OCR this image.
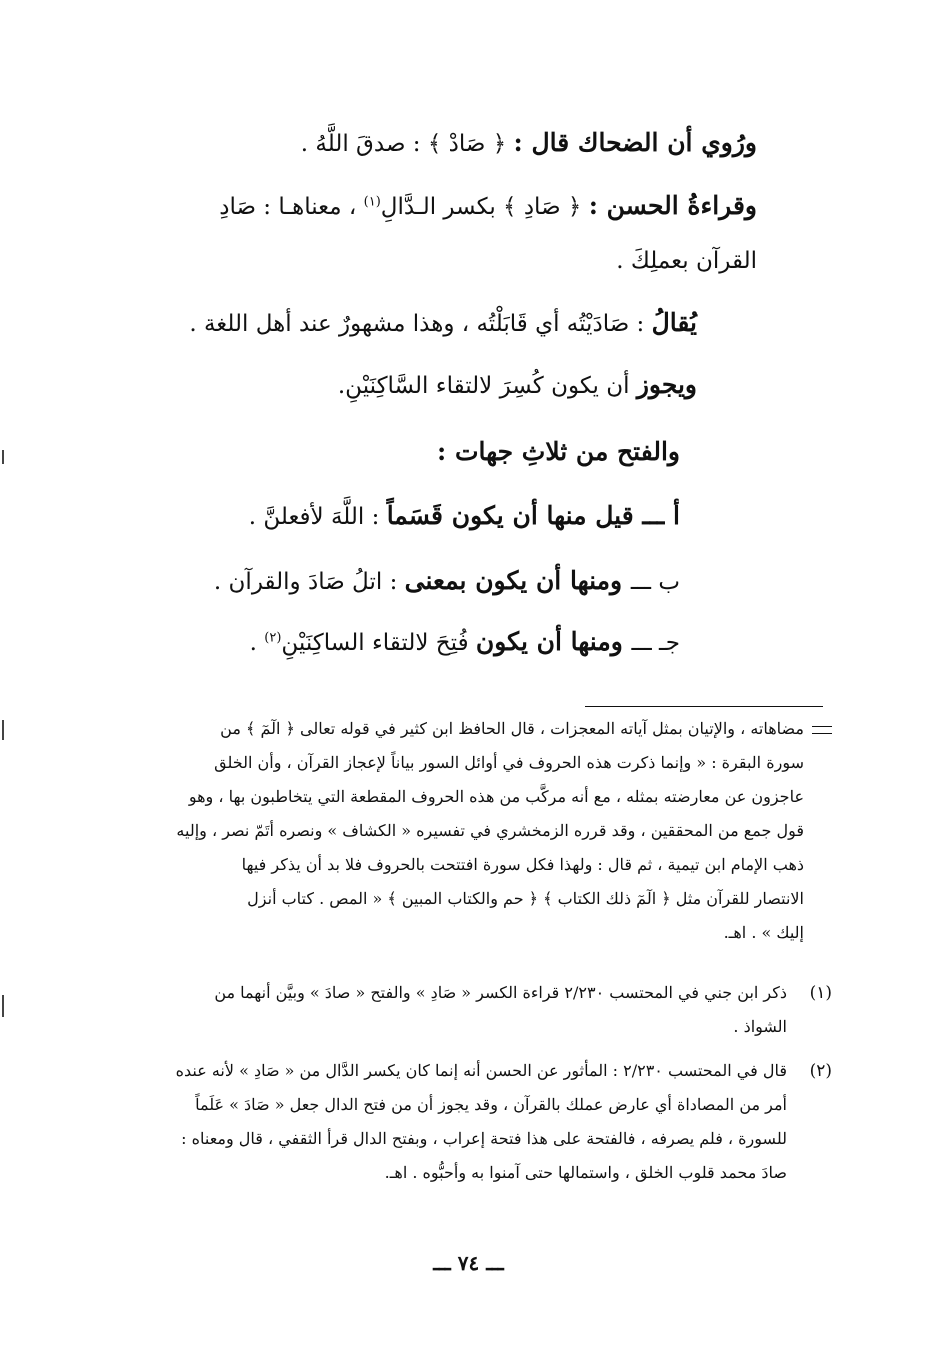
ورُوي أن الضحاك قال : ﴿ صَادْ ﴾ : صدقَ اللَّهُ .
وقراءةُ الحسن : ﴿ صَادِ ﴾ بكسر الـدَّالِ$^{(١)}$ ، معناهـا : صَادِ
القرآن بعملِكَ .
يُقالُ : صَادَيْتُه أي قَابَلْتُه ، وهذا مشهورٌ عند أهل اللغة .
ويجوز أن يكون كُسِرَ لالتقاء السَّاكِنَيْنِ.
والفتح من ثلاثِ جهات :
أ ـــ قيل منها أن يكون قَسَماً : اللَّهَ لأفعلنَّ .
ب ـــ ومنها أن يكون بمعنى : اتلُ صَادَ والقرآن .
جـ ـــ ومنها أن يكون فُتِحَ لالتقاء الساكِنَيْنِ$^{(٢)}$ .
مضاهاته ، والإتيان بمثل آياته المعجزات ، قال الحافظ ابن كثير في قوله تعالى ﴿ الٓمٓ ﴾ من
سورة البقرة : « وإنما ذكرت هذه الحروف في أوائل السور بياناً لإعجاز القرآن ، وأن الخلق
عاجزون عن معارضته بمثله ، مع أنه مركَّب من هذه الحروف المقطعة التي يتخاطبون بها ، وهو
قول جمع من المحققين ، وقد قرره الزمخشري في تفسيره « الكشاف » ونصره أتَمّ نصر ، وإليه
ذهب الإمام ابن تيمية ، ثم قال : ولهذا فكل سورة افتتحت بالحروف فلا بد أن يذكر فيها
الانتصار للقرآن مثل ﴿ الٓمٓ ذلك الكتاب ﴾ ﴿ حم والكتاب المبين ﴾ « المص . كتاب أنزل
إليك » . اهـ.
(١)
ذكر ابن جني في المحتسب ٢/٢٣٠ قراءة الكسر « صَادِ » والفتح « صادَ » وبيَّن أنهما من
الشواذ .
(٢)
قال في المحتسب ٢/٢٣٠ : المأثور عن الحسن أنه إنما كان يكسر الدَّال من « صَادِ » لأنه عنده
أمر من المصاداة أي عارض عملك بالقرآن ، وقد يجوز أن من فتح الدال جعل « صَادَ » عَلَماً
للسورة ، فلم يصرفه ، فالفتحة على هذا فتحة إعراب ، وبفتح الدال قرأ الثقفي ، قال ومعناه :
صادَ محمد قلوب الخلق ، واستمالها حتى آمنوا به وأحبُّوه . اهـ.
ـــ ٧٤ ـــ
